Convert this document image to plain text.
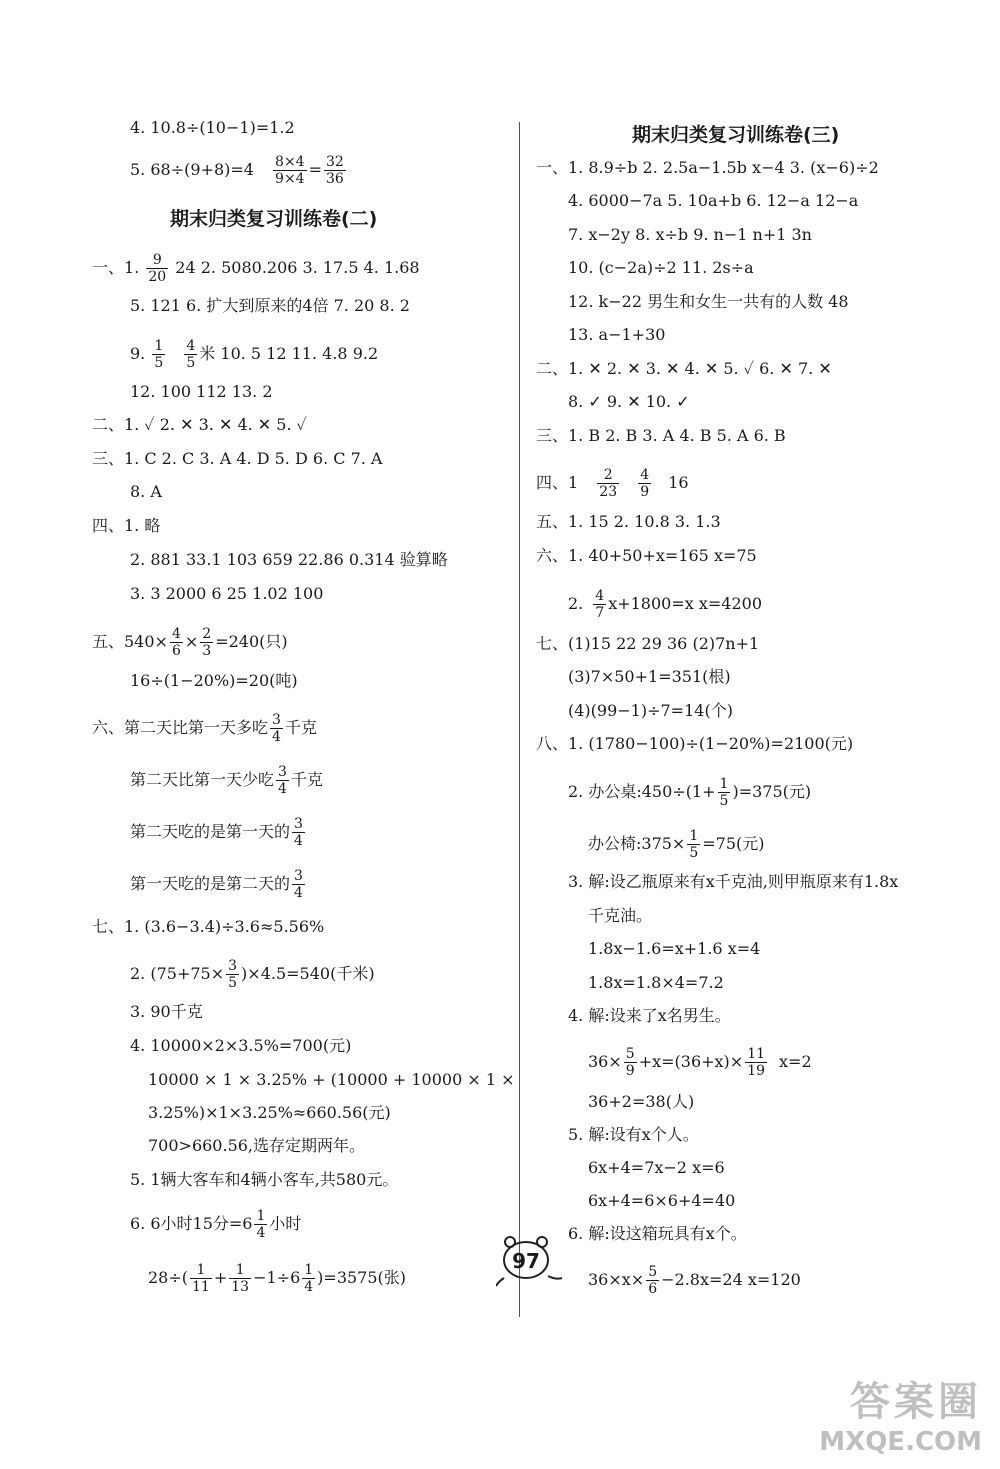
4. 10.8÷(10−1)=1.2
5. $68\div(9+8)=4 \frac{8\times 4}{9\times 4} = \frac{32}{36}$
期末归类复习训练卷(二)
一、1. $\frac{9}{20} 24$ 2. 5080.206 3. 17.5 4. 1.68
5. 121 6. 扩大到原来的4倍 7. 20 8. 2
9. $\frac{1}{5}$
$\frac{4}{5}$ 米 10. 5 12 11. 4.8 9.2
12. 100 112 13. 2
二、1. ✓ 2. ✕ 3. ✕ 4. ✕ 5. ✓
三、1. C 2. C 3. A 4. D 5. D 6. C 7. A
8. A
四、1. 略
2. 881 33.1 103 659 22.86 0.314 验算略
3. 3 2000 6 25 1.02 100
五、$540\times \frac{4}{6} \times \frac{2}{3} =240$(只)
16÷(1−20%)=20(吨)
六、第二天比第一天多吃 $\frac{3}{4}$ 千克
第二天比第一天少吃 $\frac{3}{4}$ 千克
第二天吃的是第一天的 $\frac{3}{4}$
第一天吃的是第二天的 $\frac{3}{4}$
七、1. (3.6−3.4)÷3.6≈5.56%
2. $(75+75\times \frac{3}{5} )\times 4.5=540$(千米)
3. 90千克
4. 10000×2×3.5%=700(元)
10000 × 1 × 3.25% + (10000 + 10000 × 1 ×
3.25%)×1×3.25%≈660.56(元)
700>660.56,选存定期两年。
5. 1辆大客车和4辆小客车,共580元。
6. 6小时15分$=6 \frac{1}{4}$ 小时
$28\div( \frac{1}{11} + \frac{1}{13} -1\div 6 \frac{1}{4} )=3575$(张)
期末归类复习训练卷(三)
一、1. 8.9÷b 2. 2.5a−1.5b x−4 3. (x−6)÷2
4. 6000−7a 5. 10a+b 6. 12−a 12−a
7. x−2y 8. x÷b 9. n−1 n+1 3n
10. (c−2a)÷2 11. 2s÷a
12. k−22 男生和女生一共有的人数 48
13. a−1+30
二、1. ✕ 2. ✕ 3. ✕ 4. ✕ 5. ✓ 6. ✕ 7. ✕
8. ✓ 9. ✕ 10. ✓
三、1. B 2. B 3. A 4. B 5. A 6. B
四、$1 \frac{2}{23}$
$\frac{4}{9} 16$
五、1. 15 2. 10.8 3. 1.3
六、1. 40+50+x=165 x=75
2. $\frac{4}{7} x+1800=x$ x=4200
七、(1)15 22 29 36 (2)7n+1
(3)7×50+1=351(根)
(4)(99−1)÷7=14(个)
八、1. (1780−100)÷(1−20%)=2100(元)
2. 办公桌:450÷(1+ $\frac{1}{5} )=375$(元)
办公椅:375× $\frac{1}{5} =75$(元)
3. 解:设乙瓶原来有x千克油,则甲瓶原来有1.8x
千克油。
1.8x−1.6=x+1.6 x=4
1.8x=1.8×4=7.2
4. 解:设来了x名男生。
$36\times \frac{5}{9} +x=(36+x)\times \frac{11}{19} x=2$
36+2=38(人)
5. 解:设有x个人。
6x+4=7x−2 x=6
6x+4=6×6+4=40
6. 解:设这箱玩具有x个。
$36\times x\times \frac{5}{6} -2.8x=24$ x=120
97
答案圈
MXQE.COM
